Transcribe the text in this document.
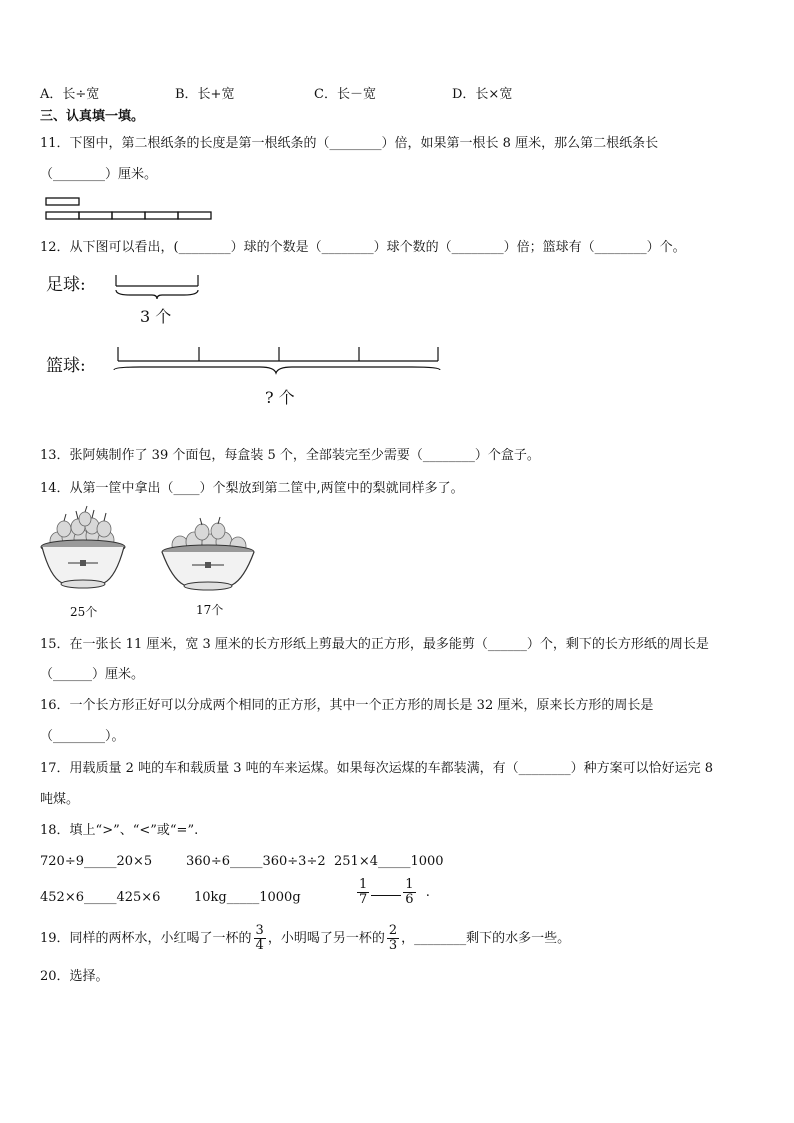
A．长÷宽	B．长+宽	C．长－宽	D．长×宽
三、认真填一填。
11．下图中，第二根纸条的长度是第一根纸条的（________）倍，如果第一根长 8 厘米，那么第二根纸条长
（________）厘米。
12．从下图可以看出，(________）球的个数是（________）球个数的（________）倍；篮球有（________）个。
足球:
3 个
篮球:
? 个
13．张阿姨制作了 39 个面包，每盒装 5 个，全部装完至少需要（________）个盒子。
14．从第一筐中拿出（____）个梨放到第二筐中,两筐中的梨就同样多了。
25个	17个
15．在一张长 11 厘米，宽 3 厘米的长方形纸上剪最大的正方形，最多能剪（______）个，剩下的长方形纸的周长是
（______）厘米。
16．一个长方形正好可以分成两个相同的正方形，其中一个正方形的周长是 32 厘米，原来长方形的周长是
（________）。
17．用载质量 2 吨的车和载质量 3 吨的车来运煤。如果每次运煤的车都装满，有（________）种方案可以恰好运完 8
吨煤。
18．填上“>”、“<”或“=”.
720÷9_____20×5	360÷6_____360÷3÷2 251×4_____1000
452×6_____425×6	10kg_____1000g	$\frac{1}{7}$	$\frac{1}{6}$ .
19．同样的两杯水，小红喝了一杯的 $\frac{3}{4}$ ，小明喝了另一杯的 $\frac{2}{3}$ ，________剩下的水多一些。
20．选择。
